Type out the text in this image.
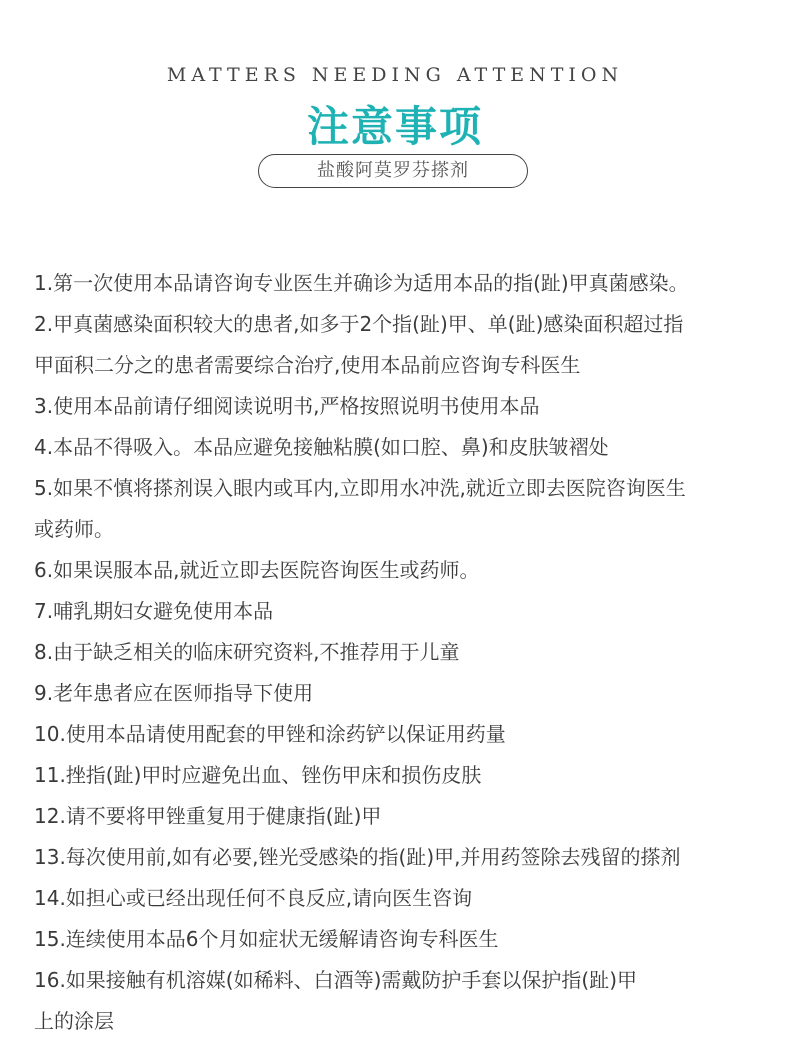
MATTERS NEEDING ATTENTION
注意事项
盐酸阿莫罗芬搽剂
1.第一次使用本品请咨询专业医生并确诊为适用本品的指(趾)甲真菌感染。
2.甲真菌感染面积较大的患者,如多于2个指(趾)甲、单(趾)感染面积超过指
甲面积二分之的患者需要综合治疗,使用本品前应咨询专科医生
3.使用本品前请仔细阅读说明书,严格按照说明书使用本品
4.本品不得吸入。本品应避免接触粘膜(如口腔、鼻)和皮肤皱褶处
5.如果不慎将搽剂误入眼内或耳内,立即用水冲洗,就近立即去医院咨询医生
或药师。
6.如果误服本品,就近立即去医院咨询医生或药师。
7.哺乳期妇女避免使用本品
8.由于缺乏相关的临床研究资料,不推荐用于儿童
9.老年患者应在医师指导下使用
10.使用本品请使用配套的甲锉和涂药铲以保证用药量
11.挫指(趾)甲时应避免出血、锉伤甲床和损伤皮肤
12.请不要将甲锉重复用于健康指(趾)甲
13.每次使用前,如有必要,锉光受感染的指(趾)甲,并用药签除去残留的搽剂
14.如担心或已经出现任何不良反应,请向医生咨询
15.连续使用本品6个月如症状无缓解请咨询专科医生
16.如果接触有机溶媒(如稀料、白酒等)需戴防护手套以保护指(趾)甲
上的涂层
